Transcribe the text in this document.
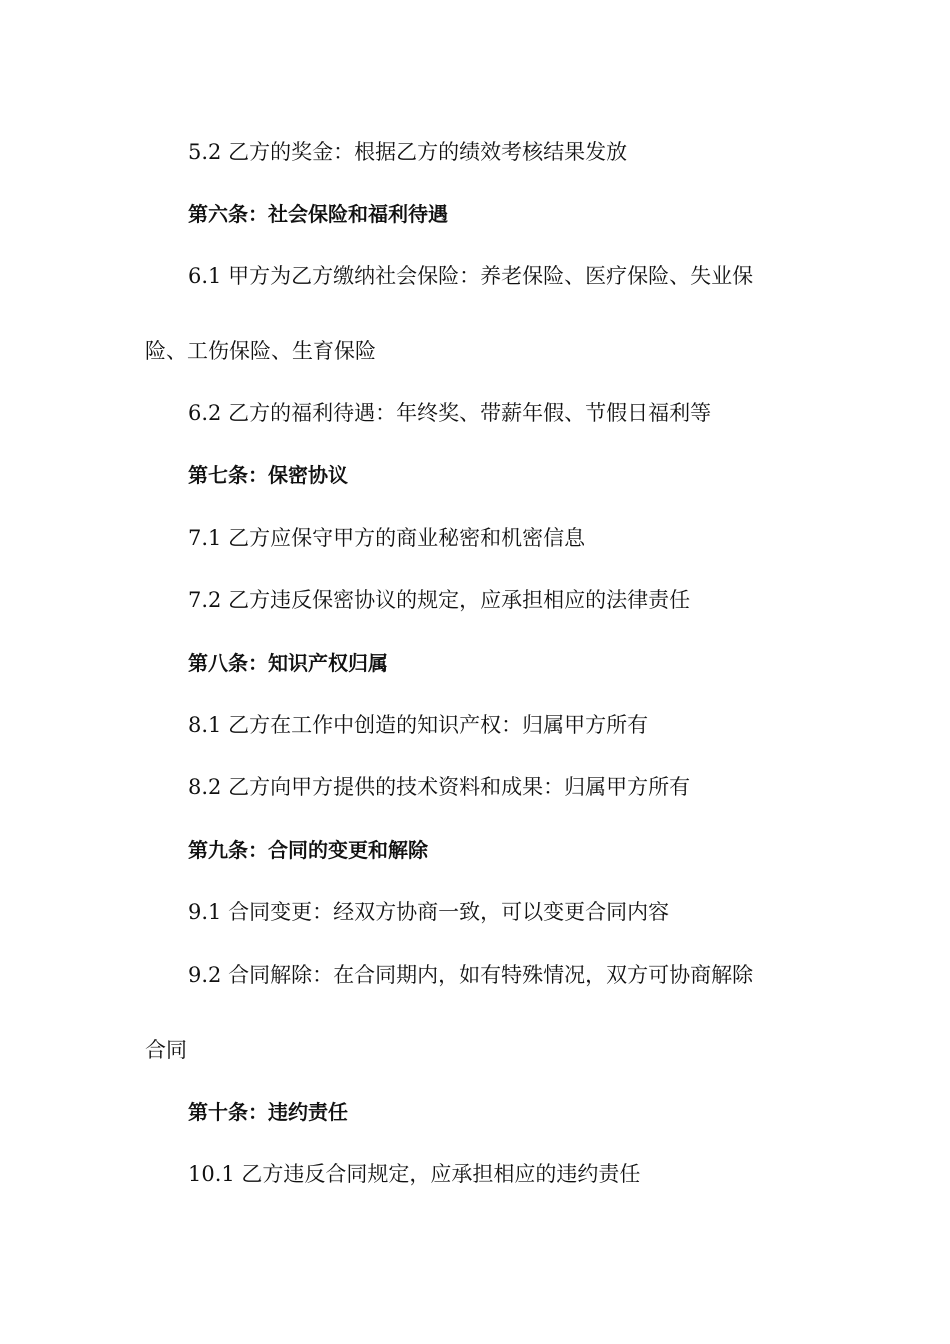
5.2 乙方的奖金：根据乙方的绩效考核结果发放
第六条：社会保险和福利待遇
6.1 甲方为乙方缴纳社会保险：养老保险、医疗保险、失业保
险、工伤保险、生育保险
6.2 乙方的福利待遇：年终奖、带薪年假、节假日福利等
第七条：保密协议
7.1 乙方应保守甲方的商业秘密和机密信息
7.2 乙方违反保密协议的规定，应承担相应的法律责任
第八条：知识产权归属
8.1 乙方在工作中创造的知识产权：归属甲方所有
8.2 乙方向甲方提供的技术资料和成果：归属甲方所有
第九条：合同的变更和解除
9.1 合同变更：经双方协商一致，可以变更合同内容
9.2 合同解除：在合同期内，如有特殊情况，双方可协商解除
合同
第十条：违约责任
10.1 乙方违反合同规定，应承担相应的违约责任
